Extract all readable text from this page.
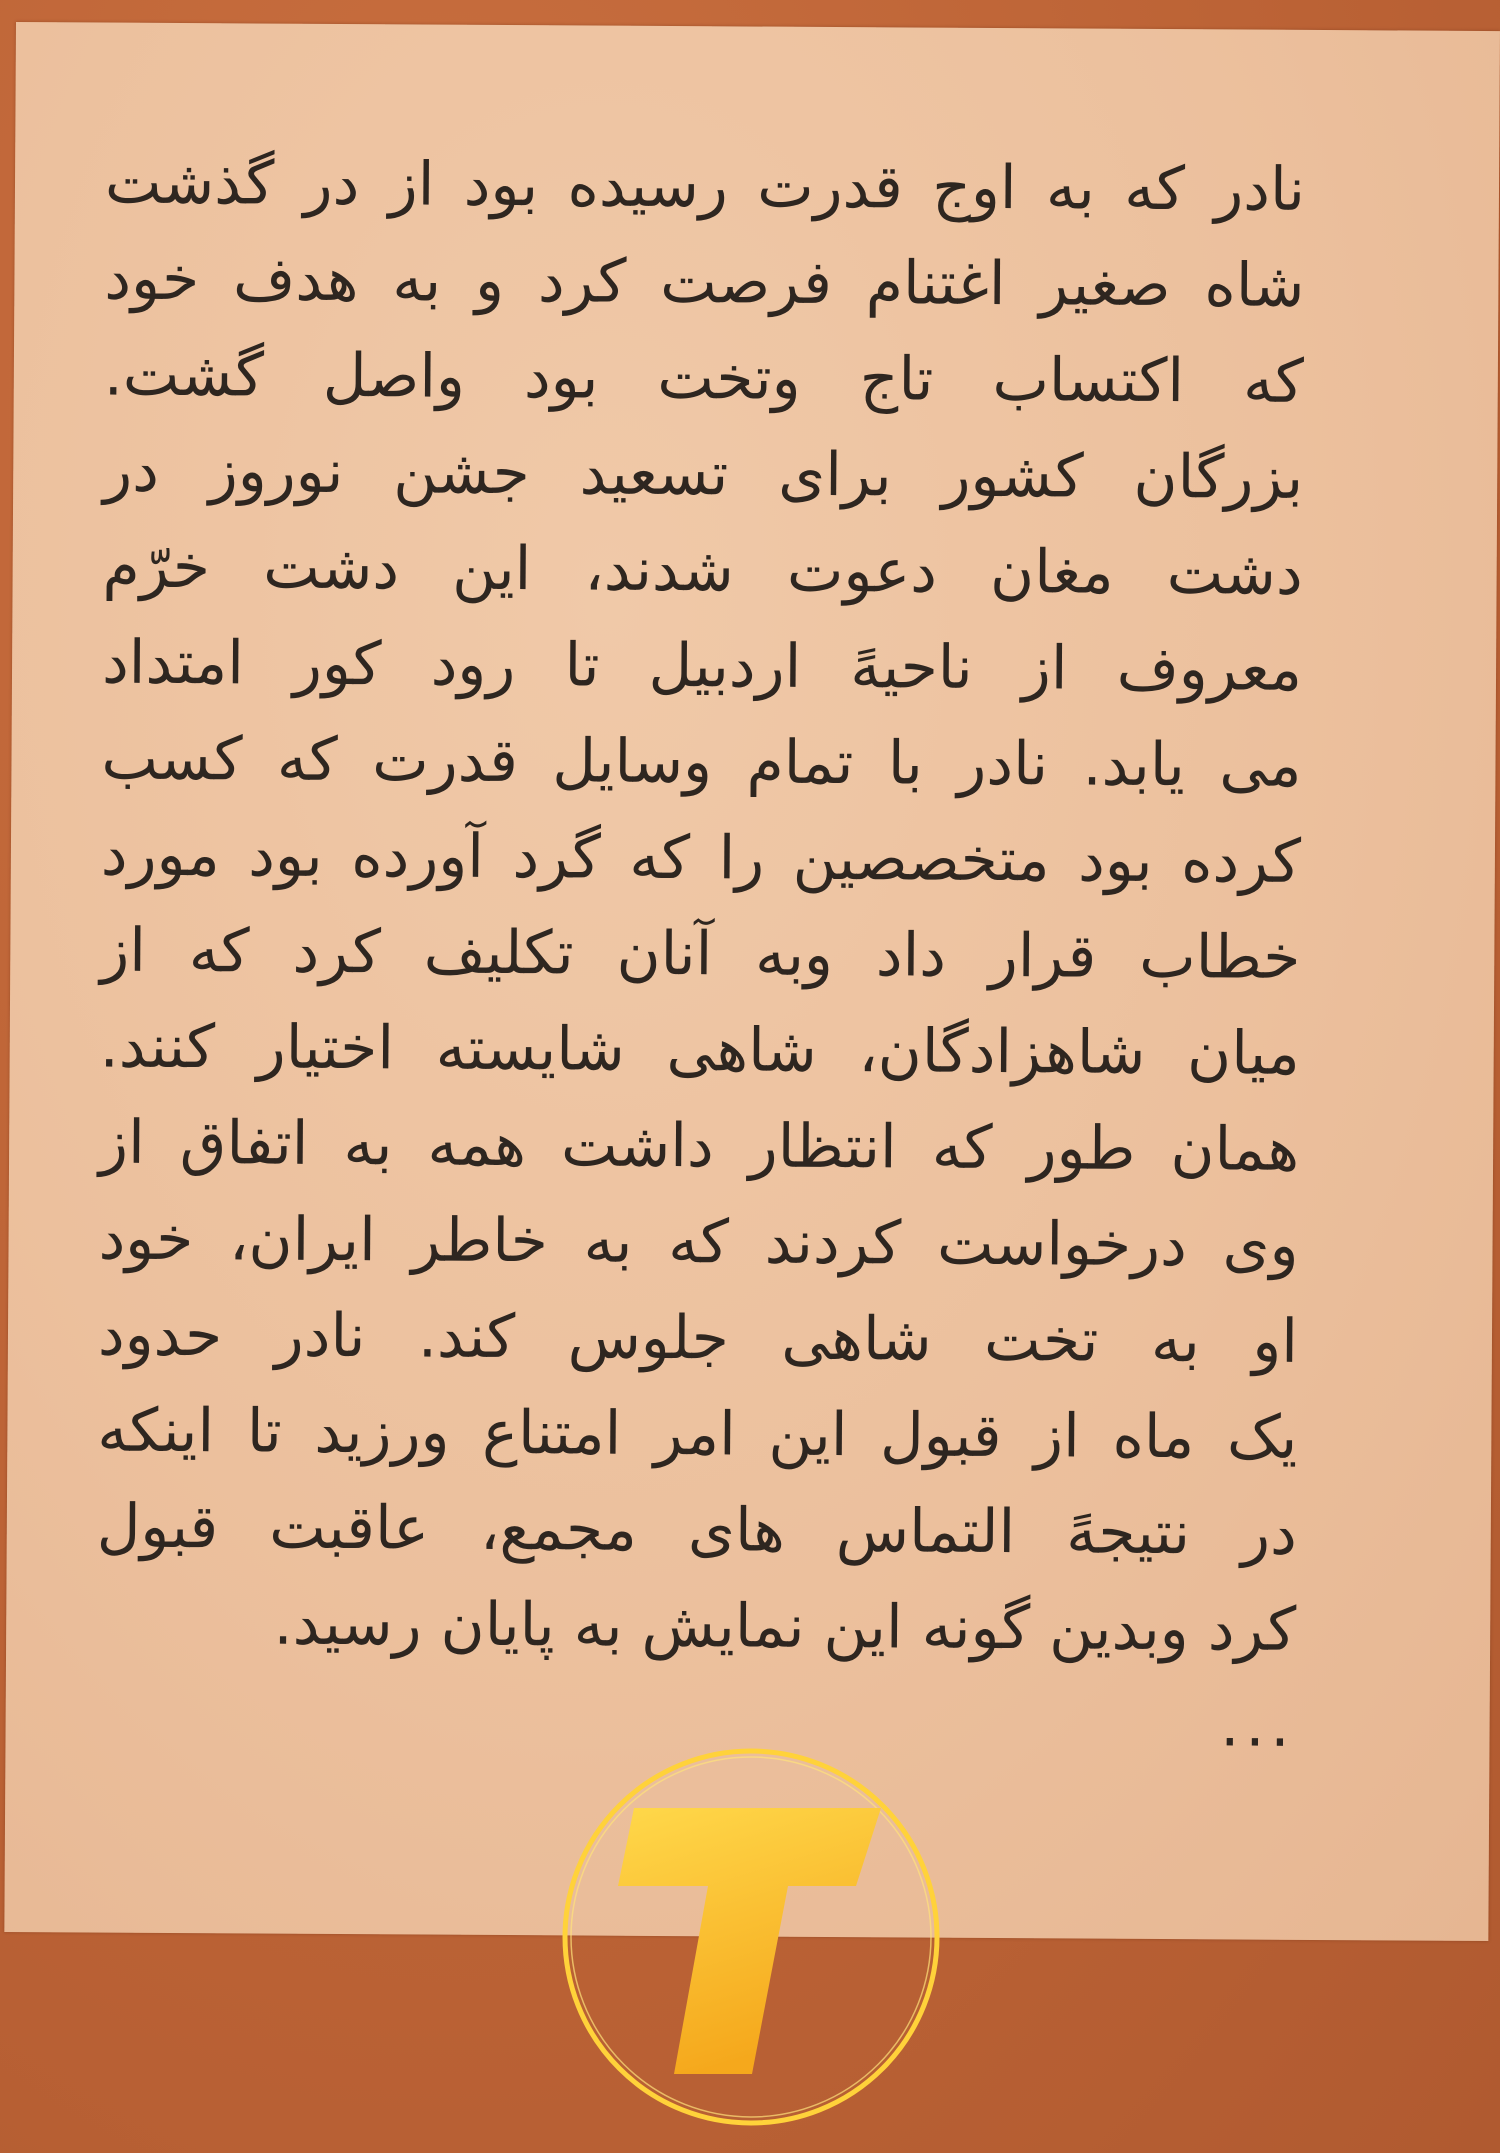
نادر که به اوج قدرت رسیده بود از در گذشت
شاه صغیر اغتنام فرصت کرد و به هدف خود
که اکتساب تاج وتخت بود واصل گشت.
بزرگان کشور برای تسعید جشن نوروز در
دشت مغان دعوت شدند، این دشت خرّم
معروف از ناحیهً اردبیل تا رود کور امتداد
می یابد. نادر با تمام وسایل قدرت که کسب
کرده بود متخصصین را که گرد آورده بود مورد
خطاب قرار داد وبه آنان تکلیف کرد که از
میان شاهزادگان، شاهی شایسته اختیار کنند.
همان طور که انتظار داشت همه به اتفاق از
وی درخواست کردند که به خاطر ایران، خود
او به تخت شاهی جلوس کند. نادر حدود
یک ماه از قبول این امر امتناع ورزید تا اینکه
در نتیجهً التماس های مجمع، عاقبت قبول
کرد وبدین گونه این نمایش به پایان رسید.
...
